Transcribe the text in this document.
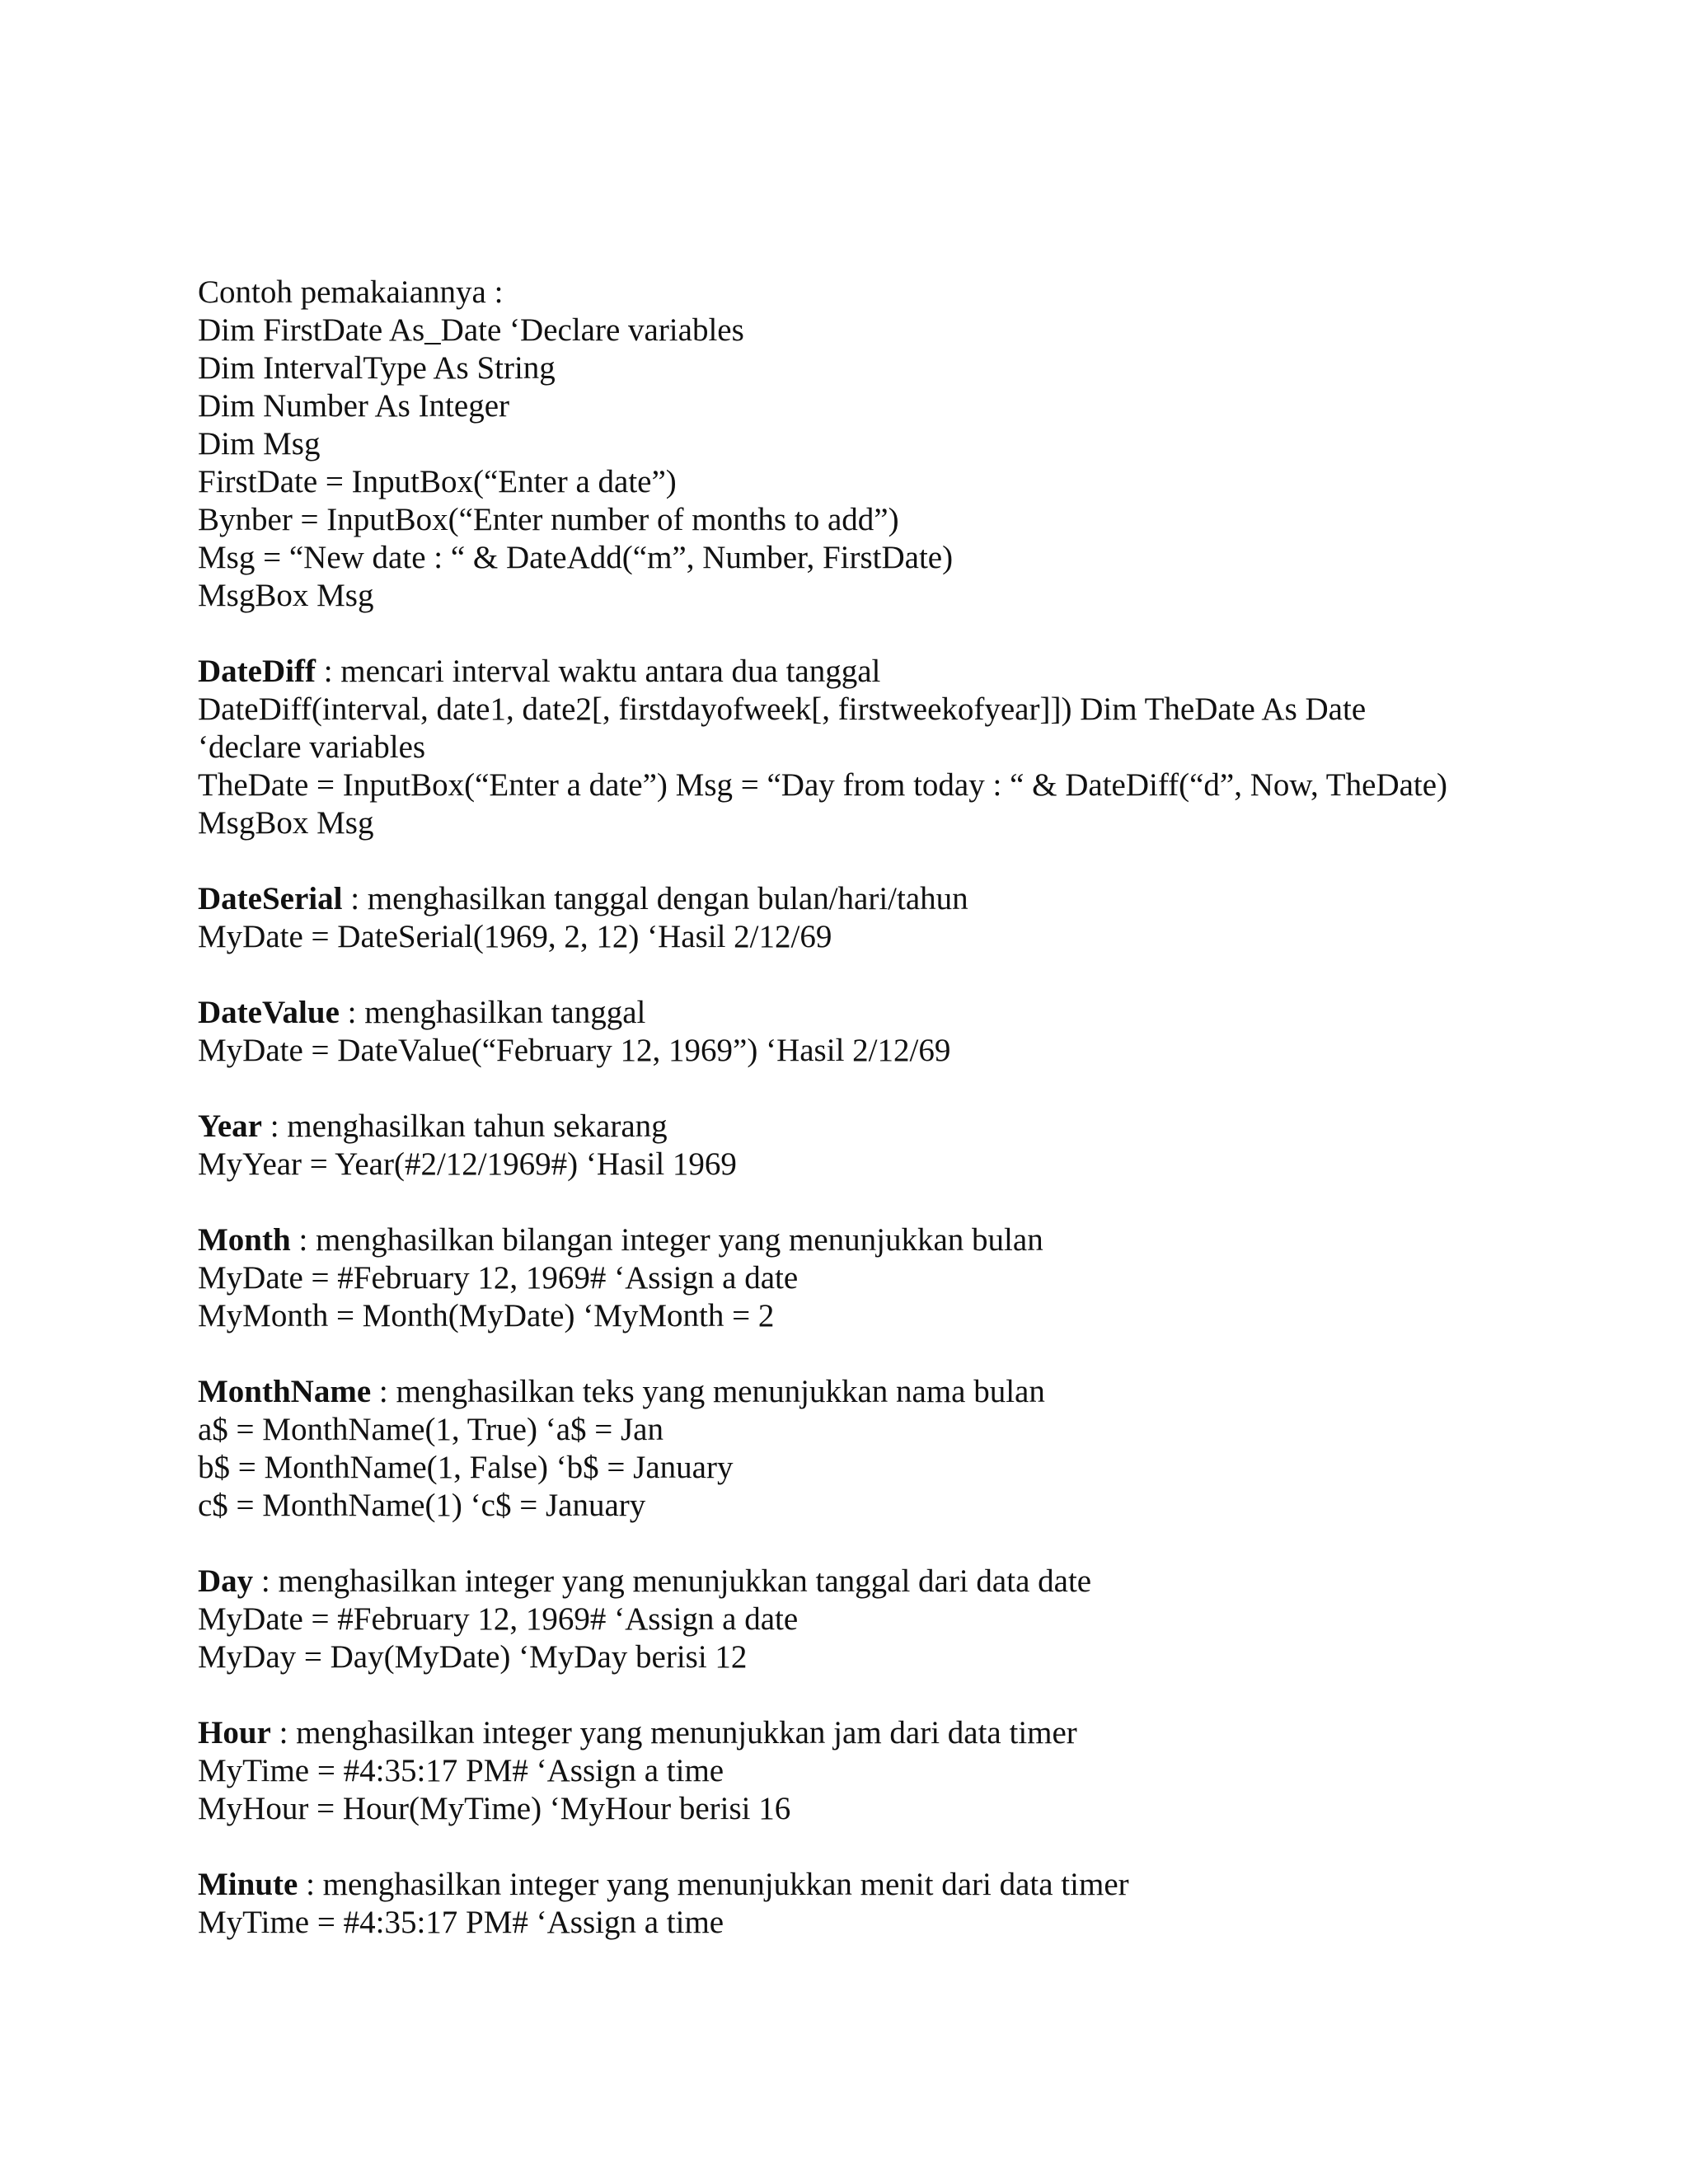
Contoh pemakaiannya :
Dim FirstDate As_Date ‘Declare variables
Dim IntervalType As String
Dim Number As Integer
Dim Msg
FirstDate = InputBox(“Enter a date”)
Bynber = InputBox(“Enter number of months to add”)
Msg = “New date : “ & DateAdd(“m”, Number, FirstDate)
MsgBox Msg
DateDiff : mencari interval waktu antara dua tanggal
DateDiff(interval, date1, date2[, firstdayofweek[, firstweekofyear]]) Dim TheDate As Date
‘declare variables
TheDate = InputBox(“Enter a date”) Msg = “Day from today : “ & DateDiff(“d”, Now, TheDate)
MsgBox Msg
DateSerial : menghasilkan tanggal dengan bulan/hari/tahun
MyDate = DateSerial(1969, 2, 12) ‘Hasil 2/12/69
DateValue : menghasilkan tanggal
MyDate = DateValue(“February 12, 1969”) ‘Hasil 2/12/69
Year : menghasilkan tahun sekarang
MyYear = Year(#2/12/1969#) ‘Hasil 1969
Month : menghasilkan bilangan integer yang menunjukkan bulan
MyDate = #February 12, 1969# ‘Assign a date
MyMonth = Month(MyDate) ‘MyMonth = 2
MonthName : menghasilkan teks yang menunjukkan nama bulan
a$ = MonthName(1, True) ‘a$ = Jan
b$ = MonthName(1, False) ‘b$ = January
c$ = MonthName(1) ‘c$ = January
Day : menghasilkan integer yang menunjukkan tanggal dari data date
MyDate = #February 12, 1969# ‘Assign a date
MyDay = Day(MyDate) ‘MyDay berisi 12
Hour : menghasilkan integer yang menunjukkan jam dari data timer
MyTime = #4:35:17 PM# ‘Assign a time
MyHour = Hour(MyTime) ‘MyHour berisi 16
Minute : menghasilkan integer yang menunjukkan menit dari data timer
MyTime = #4:35:17 PM# ‘Assign a time
